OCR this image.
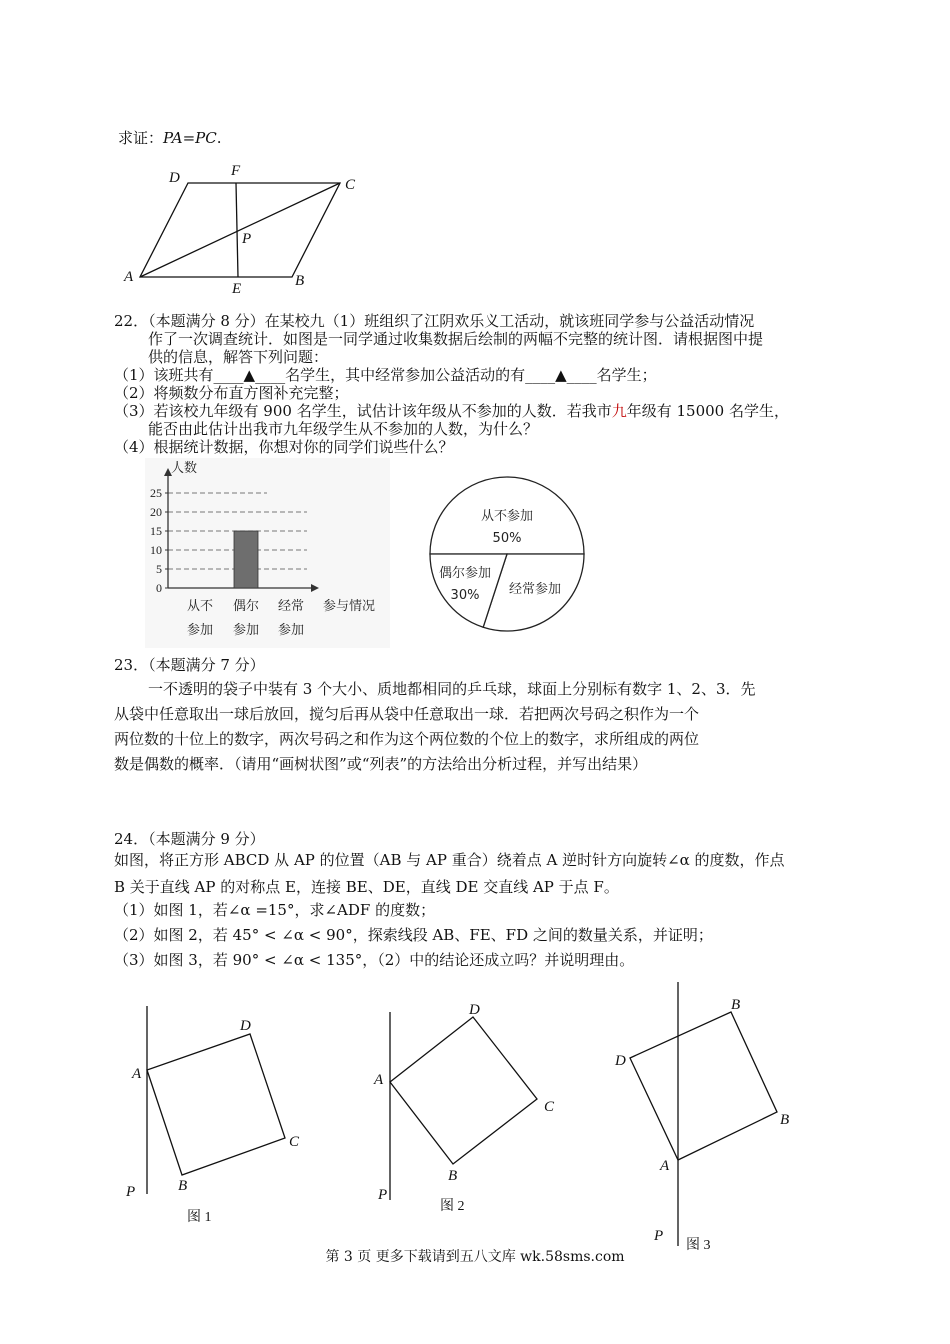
求证：PA=PC.
A	B
C
D
E
F
P
22．（本题满分 8 分）在某校九（1）班组织了江阴欢乐义工活动，就该班同学参与公益活动情况
作了一次调查统计．如图是一同学通过收集数据后绘制的两幅不完整的统计图．请根据图中提
供的信息，解答下列问题：
（1）该班共有____▲____名学生，其中经常参加公益活动的有____▲____名学生；
（2）将频数分布直方图补充完整；
（3）若该校九年级有 900 名学生，试估计该年级从不参加的人数．若我市九年级有 15000 名学生，
能否由此估计出我市九年级学生从不参加的人数，为什么？
（4）根据统计数据，你想对你的同学们说些什么？
0
5
10
15
20
25
人数
参与情况
从不
参加
偶尔
参加
经常
参加
从不参加
50%
偶尔参加
30% 经常参加
23．（本题满分 7 分）
一不透明的袋子中装有 3 个大小、质地都相同的乒乓球，球面上分别标有数字 1、2、3．先
从袋中任意取出一球后放回，搅匀后再从袋中任意取出一球．若把两次号码之积作为一个
两位数的十位上的数字，两次号码之和作为这个两位数的个位上的数字，求所组成的两位
数是偶数的概率．（请用“画树状图”或“列表”的方法给出分析过程，并写出结果）
24．（本题满分 9 分）
如图，将正方形 ABCD 从 AP 的位置（AB 与 AP 重合）绕着点 A 逆时针方向旋转∠α 的度数，作点
B 关于直线 AP 的对称点 E，连接 BE、DE，直线 DE 交直线 AP 于点 F。
（1）如图 1，若∠α =15°，求∠ADF 的度数；
（2）如图 2，若 45° < ∠α < 90°，探索线段 AB、FE、FD 之间的数量关系，并证明；
（3）如图 3，若 90° < ∠α < 135°，（2）中的结论还成立吗？并说明理由。
A
B
C
D
P
图 1
A
B
C
D
P
图 2
A
B
B
D
P
图 3
第 3 页 更多下载请到五八文库 wk.58sms.com
